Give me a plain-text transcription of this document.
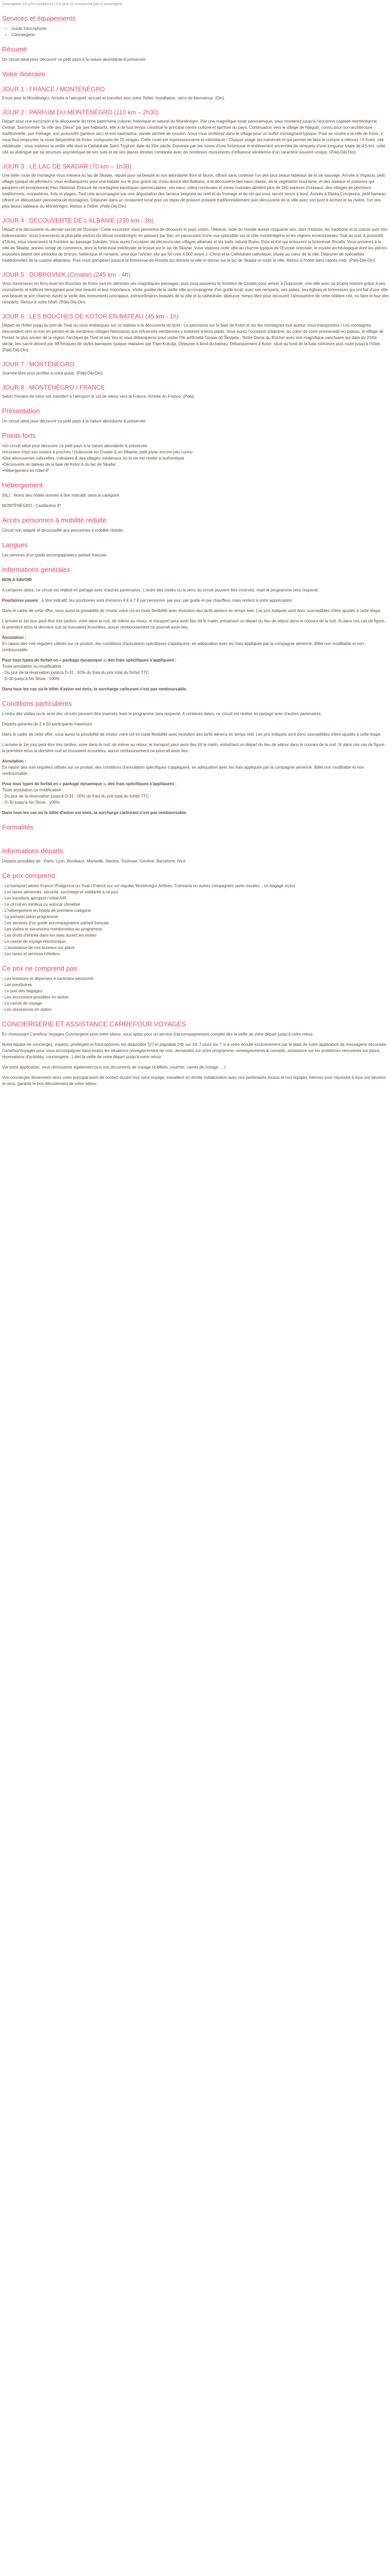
Description Ce prix comprend / Ce prix ne comprend pas Conciergerie
Services et équipements
• Guide francophone
• Conciergerie
Résumé

Un circuit idéal pour découvrir ce petit pays à la nature abondante & préservée

Votre itinéraire
JOUR 1 : FRANCE / MONTÉNÉGRO

Envol pour le Monténégro. Arrivée à l'aéroport, accueil et transfert vers votre l'hôtel. Installation, verre de bienvenue. (Din).

JOUR 2 : PARFUM DU MONTÉNÉGRO (110 km – 2h30)

Départ pour une excursion à la découverte du riche patrimoine culturel, historique et naturel du Monténégro. Par une magnifique route panoramique, vous monterez jusqu'à l'ancienne capitale monténégrine, Cetinje. Surnommée "la ville des Dieux" par ses habitants, elle a de tout temps constitué le principal centre culturel et spirituel du pays. Continuation vers le village de Njeguši, connu pour son architecture traditionnelle, son fromage, son prosciutto (jambon sec) et son kastradina, viande séchée de mouton. Vous vous arrêterez dans le village pour un buffet montagnard typique. Pour se rendre à la ville de Kotor, il nous faut emprunter la route Serpentine de Kotor, composée de 25 virages. Cette route est impressionnante et intimidante ! Chaque virage est numéroté et qui permet de faire le compte à rebours ! A Kotor, cité médiévale ; vous visiterez la vieille ville dont la Cathédrale Saint-Tryphon date du XIIe siècle. Dominée par les ruines d'une forteresse et entièrement encerclée de remparts d'une longueur totale de 4,5 km, cette cité se distingue par sa structure asymétrique de ses rues et de ses places étroites combinée avec de nombreux monuments d'influence vénitienne d'un caractère souvent unique. (Pdéj-Déj-Din).

JOUR 3 : LE LAC DE SKADAR (70 km – 1h30)

Une belle route de montagne vous mènera au lac de Skadar, réputé pour sa beauté et son abondante flore et faune, offrant sans conteste l'un des plus beaux tableaux de la vie sauvage. Arrivée à Virpazar, petit village typique de pêcheurs, vous embarquerez pour une balade sur le plus grand lac d'eau douce des Balkans, à la découverte des eaux claires, de la végétation luxuriante, et des oiseaux et poissons qui peuplent cet exceptionnel Parc National. Entouré de montagnes karstiques spectaculaires, ses eaux, côtes rocheuses et zones humides abritent plus de 260 espèces d'oiseaux, des villages de pêcheurs traditionnels, monastères, îlots et plages. Tout cela accompagné par une dégustation des fameux beignets au miel et du fromage et de vin qui vous seront servis à bord. Arrivée à Rijeka Crnojevica, petit hameau offrant un éblouissant panorama de montagnes. Déjeuner dans un restaurant local pour un repas de poisson préparé traditionnellement puis découverte de la ville avec son pont à arches et sa rivière, l'un des plus beaux tableaux du Monténégro. Retour à l'hôtel. (Pdéj-Déj-Din).

JOUR 4 : DÉCOUVERTE DE L'ALBANIE (230 km - 3h)

Départ à la découverte du dernier secret de l'Europe ! Cette excursion vous permettra de découvrir le pays voisin, l'Albanie, isolé du monde durant cinquante ans, dont l'histoire, les traditions et la culture sont très intéressantes. Vous traverserez la plus jolie portion du littoral monténégrin en passant par Bar, en parcourant d'une vue splendide sur la côte monténégrine et les régions environnantes. Sud au sud, à proximité d'Ulcinj, vous traverserez la frontière au passage Sukobin. Vous aurez l'occasion de découvrir des villages albanais et les traits naturel Bojna, Drini et Kiri qui entourent la forteresse Rozafa. Vous arriverez à la ville de Skadar, ancien centre de commerce, dont la forteresse médiévale se trouve sur le lac de Skadar. Vous visiterez cette ville au charme typique de l'Europe orientale, le musée archéologique dont les pièces exposées datent des périodes de bronze, hellénique et romaine, ainsi que l'ancien site qui fut créé 4 000 avant J.-Christ et la Cathédrale catholique, située au cœur de la ville. Déjeuner de spécialités traditionnelles de la cuisine albanaise. Puis vous grimperez jusqu'à la forteresse de Rozafa qui domine la ville et donne sur le lac de Skadar et toute la ville. Retour à l'hôtel dans l'après-midi. (Pdéj-Déj-Din).

JOUR 5 : DUBROVNIK (Croatie) (245 km - 4h)

Vous traverserez en ferry-boat les Bouches de Kotor tout en admirant ses magnifiques paysages, puis vous passerez la frontière de Croatie pour arriver à Dubrovnik, une ville avec sa propre histoire grâce à ses monuments et édifices témoignant pour leur beauté et leur importance. Visite guidée de la vieille ville accompagnée d'un guide local, avec ses remparts, ses palais, ses églises et forteresses qui ont fait d'une ville une beauté et son charme. Après la visite des monuments principaux, extraordinaires beautés de la ville et la cathédrale, déjeuner, temps libre pour découvrir l'atmosphère de cette célèbre cité, ou faire le tour des remparts. Retour à votre hôtel. (Pdéj-Déj-Din).

JOUR 6 : LES BOUCHES DE KOTOR EN BATEAU (45 km - 1h)

Départ de l'hôtel jusqu'au port de Tivat où vous embarquez sur un bateau à la découverte du fjord : Le panorama sur le baie de Kotor et sur les montagnes tout autour, vous transportera ! Les montagnes descendent vers la mer en pentes et de nombreux villages historiques aux influences vénitiennes y éclairent à leurs pieds. Vous aurez l'occasion d'admirer, au cœur de votre promenade en bateau, le village de Perast, le plus ancien de la région, l'archipel de Tivat et ses îles et vous débarquerez pour visiter l'île artificielle Gospa od Škrpjela - Notre Dame du Rocher avec son magnifique sanctuaire qui date du XVIIe siècle, lieu sacré décoré par 68 fresques de styles baroques typique réalisées par Tripo Kokolja. Déjeuner à bord du bateau. Débarquement à Kotor, situé au fond de la baie intérieure puis route jusqu'à l'hôtel. (Pdéj-Déj-Din).

JOUR 7 : MONTÉNÉGRO

Journée libre pour profiter à votre guise. (Pdéj-Déj-Din).

JOUR 8 : MONTÉNÉGRO / FRANCE

Selon l'horaire de votre vol, transfert à l'aéroport et vol de retour vers la France. Arrivée en France. (Pdéj).

Présentation

Un circuit idéal pour découvrir ce petit pays à la nature abondante & préservée

Points forts
• Un circuit idéal pour découvrir ce petit pays à la nature abondante & préservée
• Incursion chez ses voisins à proches ! Dubrovnik en Croatie & en Albanie, petit joyau encore peu connu
• Des découvertes culturelles, culinaires & des villages médiévaux où la vie est restée si authentique
• Découverte en bateau de la baie de Kotor & du lac de Skadar
• Hébergement en hôtel 4*
Hébergement

(NL) : Noms des hôtels donnés à titre indicatif, dans la catégorie

MONTÉNÉGRO : Castilastva 4*

Accès personnes à mobilité réduite

Circuit non adapté et déconseillé aux personnes à mobilité réduite.

Langues

Les services d'un guide accompagnateur parlant français

Informations générales

BON A SAVOIR

A certaines dates, ce circuit est réalisé en partage avec d'autres partenaires. L'ordre des visites ou le sens du circuit peuvent être inversés, mais le programme sera respecté.

Pourboires usuels : à titre indicatif, les pourboires sont d'environ 4 € à 7 € par personne, par jour, par guide et par chauffeur, mais restent à votre appréciation.

Dans le cadre de cette offre, vous aurez la possibilité de choisir votre vol en toute flexibilité avec évolution des tarifs aériens en temps réel. Les prix indiqués sont donc susceptibles d'être ajustés à cette étape.

L'arrivée le 1er jour peut être très tardive, voire dans la nuit, de même au retour, le transport peut avoir lieu tôt le matin, entraînant un départ du lieu de séjour dans le courant de la nuit. Si dans ces cas de figure, la première et/ou la dernière nuit se trouvaient écourtées, aucun remboursement ne pourrait avoir lieu.

Annulation :

En raison des vols réguliers utilisés sur ce produit, des conditions d'annulation spécifiques s'appliquent, en adéquation avec les frais appliqués par la compagnie aérienne. Billet non modifiable et non remboursable.

Pour tous types de forfait en « package dynamique », des frais spécifiques s'appliquent :

Toute annulation ou modification :

- Du jour de la réservation jusqu'à D-31 : 50% du frais du prix total du forfait TTC

- D-30 jusqu'à No Show : 100%

Dans tous les cas où le billet d'avion est émis, la surcharge carburant n'est pas remboursable.

Conditions particulières

L'ordre des visites ou le sens des circuits peuvent être inversés mais le programme sera respecté. A certaines dates, ce circuit est réalisé en partage avec d'autres partenaires.

Départs garantis de 2 à 50 participants maximum.

Dans le cadre de cette offre, vous aurez la possibilité de choisir votre vol en toute flexibilité avec évolution des tarifs aériens en temps réel. Les prix indiqués sont donc susceptibles d'être ajustés à cette étape.

L'arrivée le 1er jour peut être très tardive, voire dans la nuit, de même au retour, le transport peut avoir lieu tôt le matin, entraînant un départ du lieu de séjour dans le courant de la nuit. Si dans ces cas de figure, la première et/ou la dernière nuit se trouvaient écourtées, aucun remboursement ne pourrait avoir lieu.

Annulation :

En raison des vols réguliers utilisés sur ce produit, des conditions d'annulation spécifiques s'appliquent, en adéquation avec les frais appliqués par la compagnie aérienne. Billet non modifiable et non remboursable.

Pour tous types de forfait en « package dynamique », des frais spécifiques s'appliquent :

Toute annulation ou modification :

- Du jour de la réservation jusqu'à D-31 : 50% du frais du prix total du forfait TTC

- D-30 jusqu'à No Show : 100%

Dans tous les cas où le billet d'avion est émis, la surcharge carburant n'est pas remboursable.

Formalités
Informations départs

Départs possibles de : Paris, Lyon, Bordeaux, Marseille, Nantes, Toulouse, Genève, Barcelone, Nice

Ce prix comprend
- Le transport aérien France /Podgorica ou Tivat / France sur vol régulier Monténégro Airlines, Transavia ou autres compagnies (avec escale), , un bagage inclus
- Les taxes aériennes, sécurité, surcharge et solidarité à ce jour
- Les transferts aéroport / hôtel A/R
- Le circuit en minibus ou autocar climatisé
- L'hébergement en hôtels de première catégorie
- La pension selon programme
- Les services d'un guide accompagnateur parlant français
- Les visites et excursions mentionnées au programme
- Les droits d'entrée dans les sites durant les visites
- Le carnet de voyage électronique
- L'assistance de nos bureaux sur place
- Les taxes et services hôteliers.
Ce prix ne comprend pas
- Les boissons et dépenses à caractère personnel
- Les pourboires
- Le port des bagages
- Les excursions possibles en option
- Le carnet de voyage
- Les assurances en option
CONCIERGERIE ET ASSISTANCE CARREFOUR VOYAGES

En choisissant Carrefour Voyages Conciergerie pour votre séjour, vous optez pour un service d'accompagnement complet dès la veille de votre départ jusqu'à votre retour.

Notre équipe de concierges, experts, privilégiés et francophones est disponible 7j/7 et joignable 24h sur 24, 7 jours sur 7 si à votre écoute exclusivement par le biais de notre application de messagerie sécurisée, CarrefourVoyages pour vous accompagner dans toutes les situations (enregistrement de vols, demandes sur votre programme, renseignements & conseils, assistance sur les problèmes rencontrés sur place, réservations d'activités, conciergerie...) dès la veille de votre départ jusqu'à votre retour.

Via notre application, vous retrouverez également tous vos documents de voyage (e-billets, voucher, carnet de voyage, ...)

Vos concierges deviennent alors votre principal point de contact durant tout votre voyage, travaillent en étroite collaboration avec nos partenaires locaux et nos équipes internes pour répondre à tous vos besoins et ainsi, garantir le bon déroulement de votre séjour.
